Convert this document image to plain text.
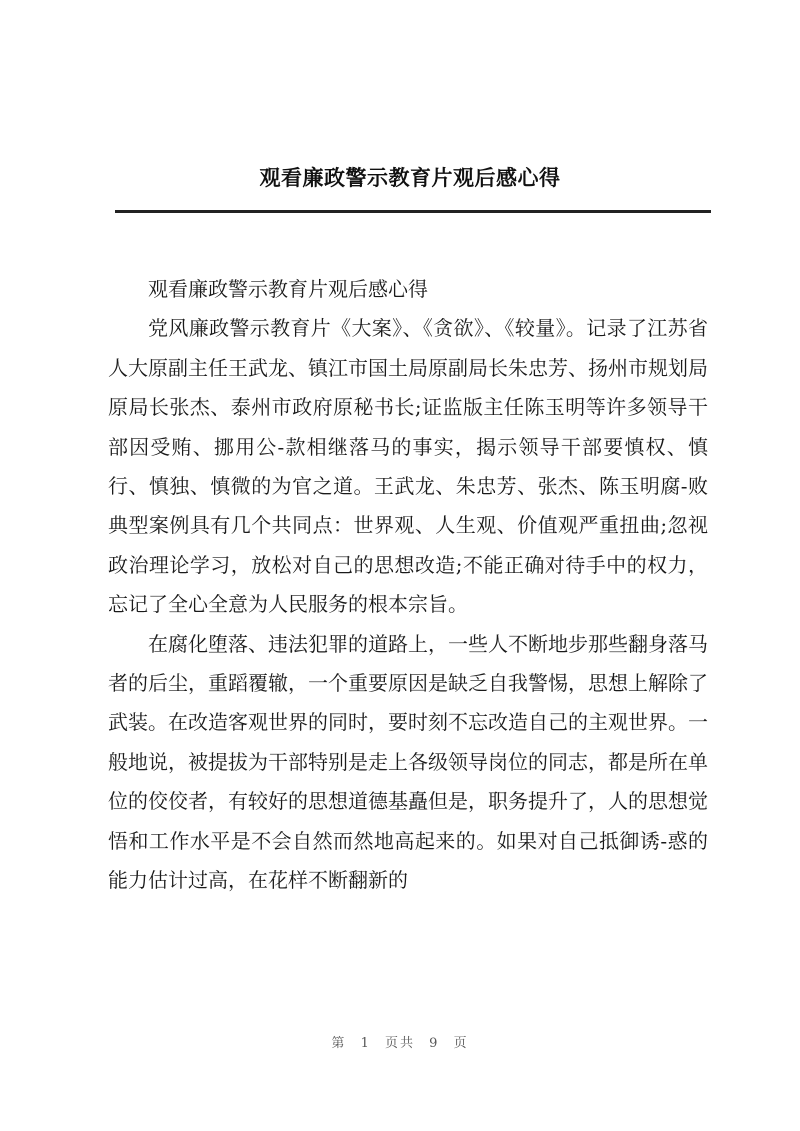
观看廉政警示教育片观后感心得

观看廉政警示教育片观后感心得

党风廉政警示教育片《大案》、《贪欲》、《较量》。记录了江苏省人大原副主任王武龙、镇江市国土局原副局长朱忠芳、扬州市规划局原局长张杰、泰州市政府原秘书长;证监版主任陈玉明等许多领导干部因受贿、挪用公-款相继落马的事实，揭示领导干部要慎权、慎行、慎独、慎微的为官之道。王武龙、朱忠芳、张杰、陈玉明腐-败典型案例具有几个共同点：世界观、人生观、价值观严重扭曲;忽视政治理论学习，放松对自己的思想改造;不能正确对待手中的权力，忘记了全心全意为人民服务的根本宗旨。

在腐化堕落、违法犯罪的道路上，一些人不断地步那些翻身落马者的后尘，重蹈覆辙，一个重要原因是缺乏自我警惕，思想上解除了武装。在改造客观世界的同时，要时刻不忘改造自己的主观世界。一般地说，被提拔为干部特别是走上各级领导岗位的同志，都是所在单位的佼佼者，有较好的思想道德基矗但是，职务提升了，人的思想觉悟和工作水平是不会自然而然地高起来的。如果对自己抵御诱-惑的能力估计过高，在花样不断翻新的

第 1 页共 9 页
